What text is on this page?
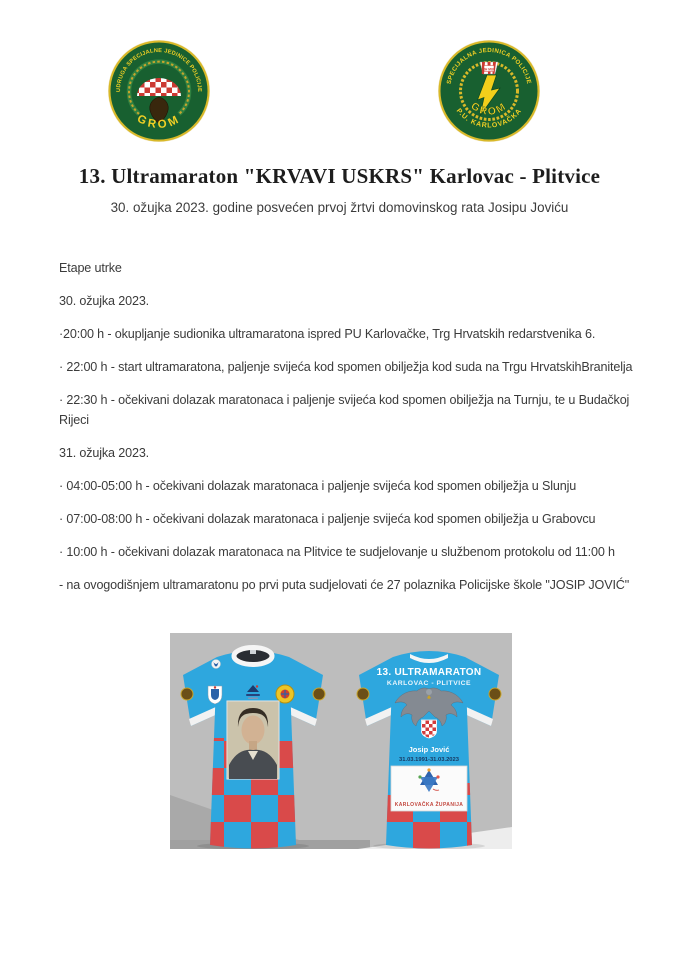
UDRUGA SPECIJALNE JEDINICE POLICIJE
GROM
RH MUP
GROM
SPECIJALNA JEDINICA POLICIJE
P.U. KARLOVAČKA
13. Ultramaraton "KRVAVI USKRS" Karlovac - Plitvice
30. ožujka 2023. godine posvećen prvoj žrtvi domovinskog rata Josipu Joviću

Etape utrke

30. ožujka 2023.

·20:00 h - okupljanje sudionika ultramaratona ispred PU Karlovačke, Trg Hrvatskih redarstvenika 6.

· 22:00 h - start ultramaratona, paljenje svijeća kod spomen obilježja kod suda na Trgu HrvatskihBranitelja

· 22:30 h - očekivani dolazak maratonaca i paljenje svijeća kod spomen obilježja na Turnju, te u Budačkoj

Rijeci

31. ožujka 2023.

· 04:00-05:00 h - očekivani dolazak maratonaca i paljenje svijeća kod spomen obilježja u Slunju

· 07:00-08:00 h - očekivani dolazak maratonaca i paljenje svijeća kod spomen obilježja u Grabovcu

· 10:00 h - očekivani dolazak maratonaca na Plitvice te sudjelovanje u službenom protokolu od 11:00 h

- na ovogodišnjem ultramaratonu po prvi puta sudjelovati će 27 polaznika Policijske škole "JOSIP JOVIĆ"

13. ULTRAMARATON
KARLOVAC - PLITVICE
Josip Jović
31.03.1991-31.03.2023
KARLOVAČKA ŽUPANIJA
